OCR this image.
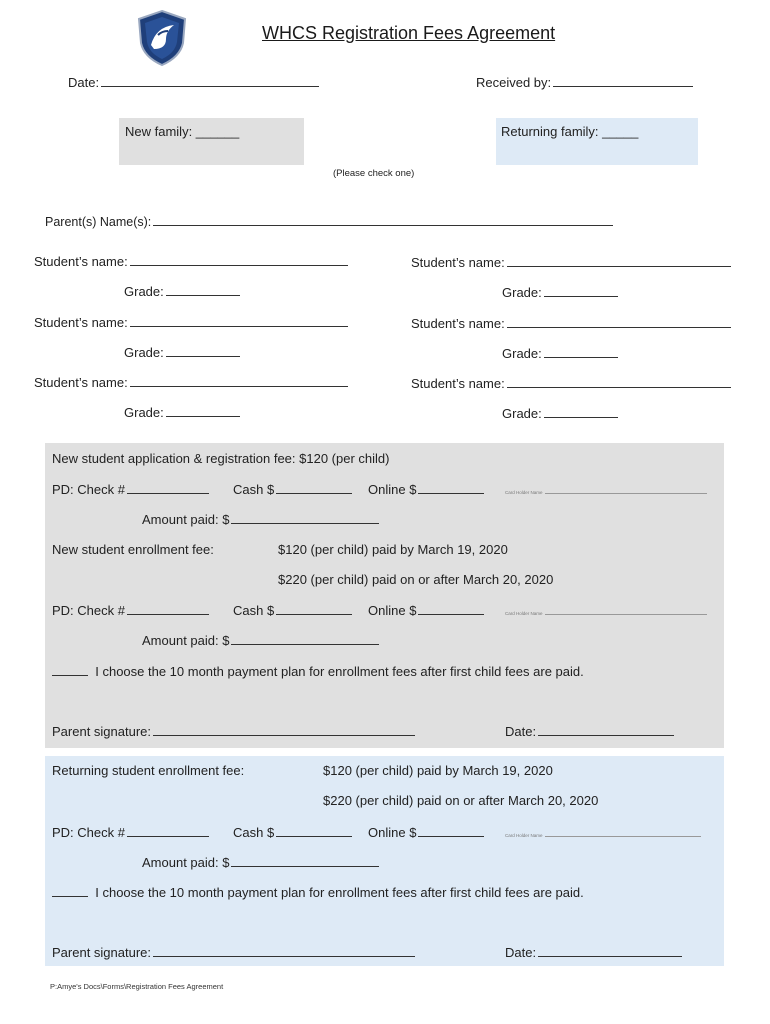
WHCS Registration Fees Agreement
Date:	Received by:
New family: ______	Returning family: _____
(Please check one)
Parent(s) Name(s):
Student’s name:
Grade:
Student’s name:
Grade:
Student’s name:
Grade:
Student’s name:
Grade:
Student’s name:
Grade:
Student’s name:
Grade:
New student application & registration fee: $120 (per child)
PD: Check #	Cash $	Online $	Card Holder Name
Amount paid: $
New student enrollment fee:	$120 (per child) paid by March 19, 2020
$220 (per child) paid on or after March 20, 2020
PD: Check #	Cash $	Online $	Card Holder Name
Amount paid: $
I choose the 10 month payment plan for enrollment fees after first child fees are paid.
Parent signature:	Date:
Returning student enrollment fee:	$120 (per child) paid by March 19, 2020
$220 (per child) paid on or after March 20, 2020
PD: Check #	Cash $	Online $	Card Holder Name
Amount paid: $
I choose the 10 month payment plan for enrollment fees after first child fees are paid.
Parent signature:	Date:
P:Amye's Docs\Forms\Registration Fees Agreement
